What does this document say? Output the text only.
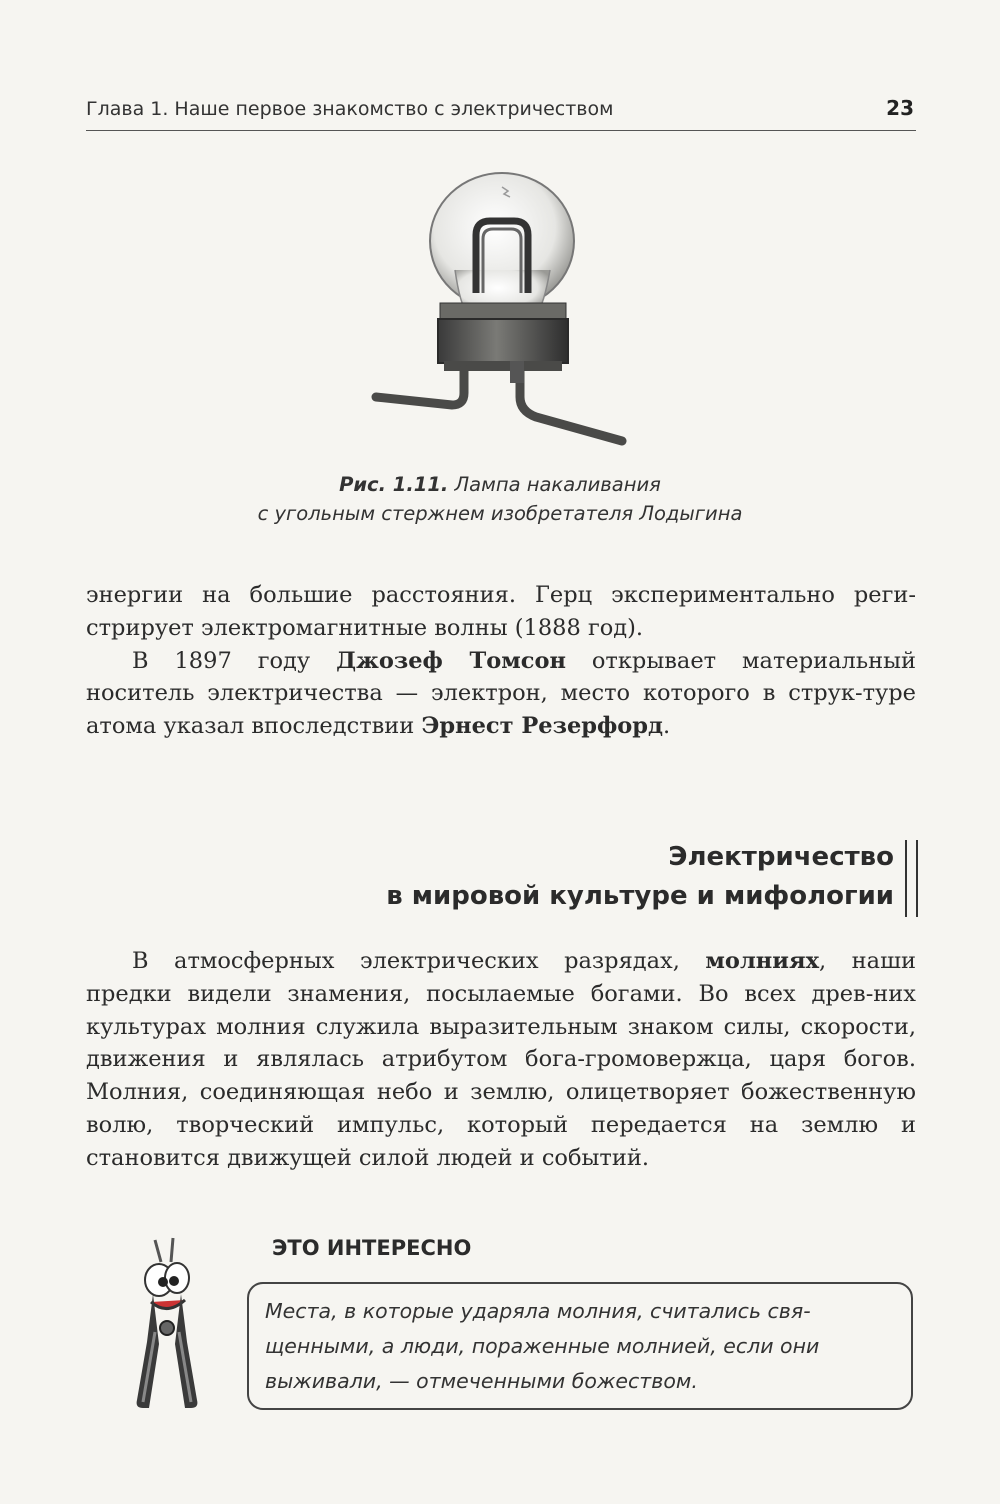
Глава 1. Наше первое знакомство с электричеством	23
Рис. 1.11. Лампа накаливания
с угольным стержнем изобретателя Лодыгина

энергии на большие расстояния. Герц экспериментально реги-

стрирует электромагнитные волны (1888 год).

В 1897 году Джозеф Томсон открывает материальный носитель электричества — электрон, место которого в струк-туре атома указал впоследствии Эрнест Резерфорд.

Электричество
в мировой культуре и мифологии

В атмосферных электрических разрядах, молниях, наши предки видели знамения, посылаемые богами. Во всех древ-них культурах молния служила выразительным знаком силы, скорости, движения и являлась атрибутом бога-громовержца, царя богов. Молния, соединяющая небо и землю, олицетворяет божественную волю, творческий импульс, который передается на землю и становится движущей силой людей и событий.

ЭТО ИНТЕРЕСНО
Места, в которые ударяла молния, считались свя-
щенными, а люди, пораженные молнией, если они
выживали, — отмеченными божеством.
